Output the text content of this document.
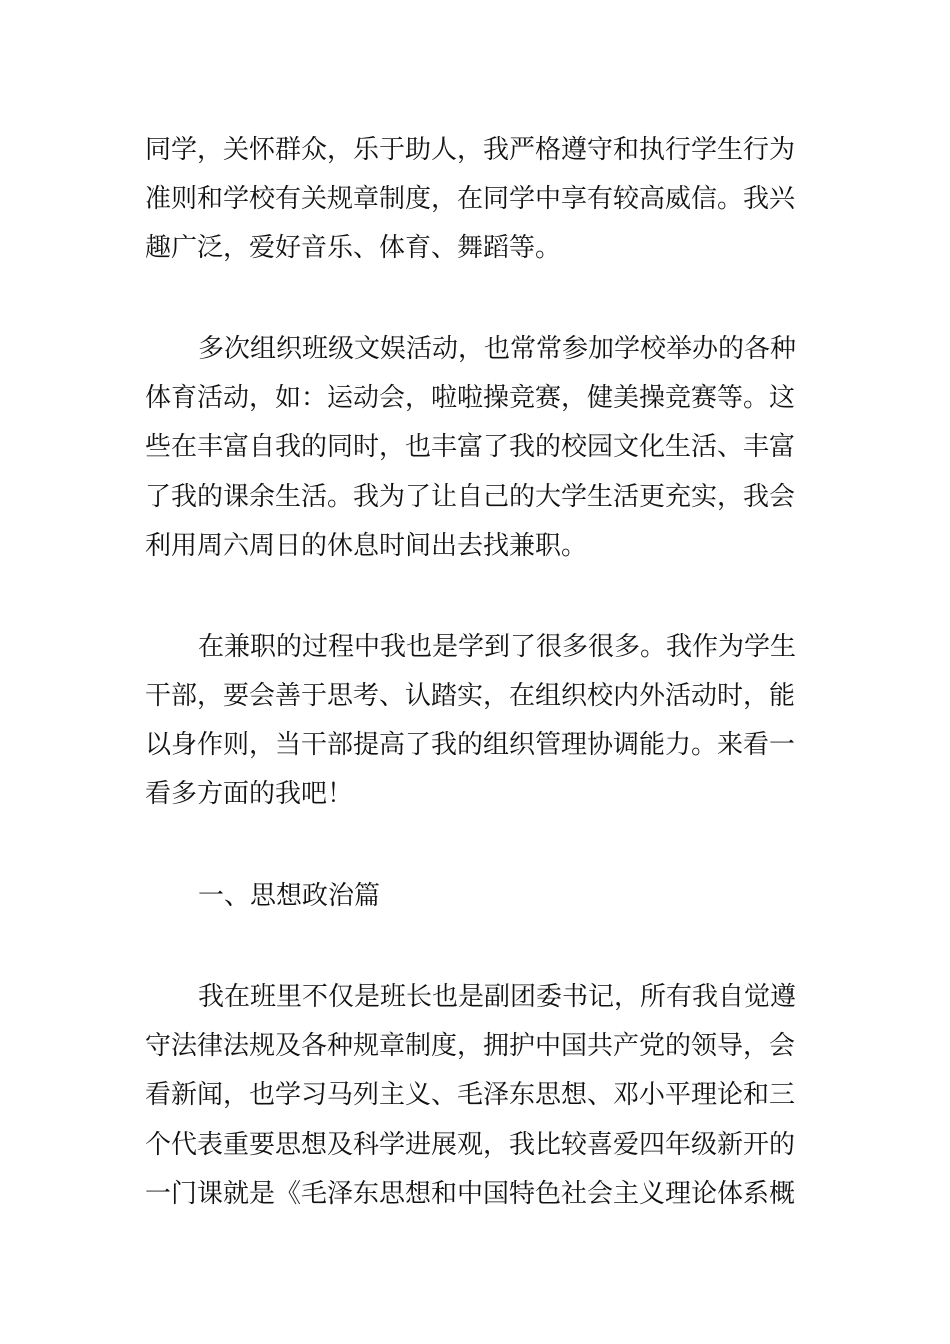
同学，关怀群众，乐于助人，我严格遵守和执行学生行为

准则和学校有关规章制度，在同学中享有较高威信。我兴

趣广泛，爱好音乐、体育、舞蹈等。

多次组织班级文娱活动，也常常参加学校举办的各种

体育活动，如：运动会，啦啦操竞赛，健美操竞赛等。这

些在丰富自我的同时，也丰富了我的校园文化生活、丰富

了我的课余生活。我为了让自己的大学生活更充实，我会

利用周六周日的休息时间出去找兼职。

在兼职的过程中我也是学到了很多很多。我作为学生

干部，要会善于思考、认踏实，在组织校内外活动时，能

以身作则，当干部提高了我的组织管理协调能力。来看一

看多方面的我吧！

一、思想政治篇

我在班里不仅是班长也是副团委书记，所有我自觉遵

守法律法规及各种规章制度，拥护中国共产党的领导，会

看新闻，也学习马列主义、毛泽东思想、邓小平理论和三

个代表重要思想及科学进展观，我比较喜爱四年级新开的

一门课就是《毛泽东思想和中国特色社会主义理论体系概
